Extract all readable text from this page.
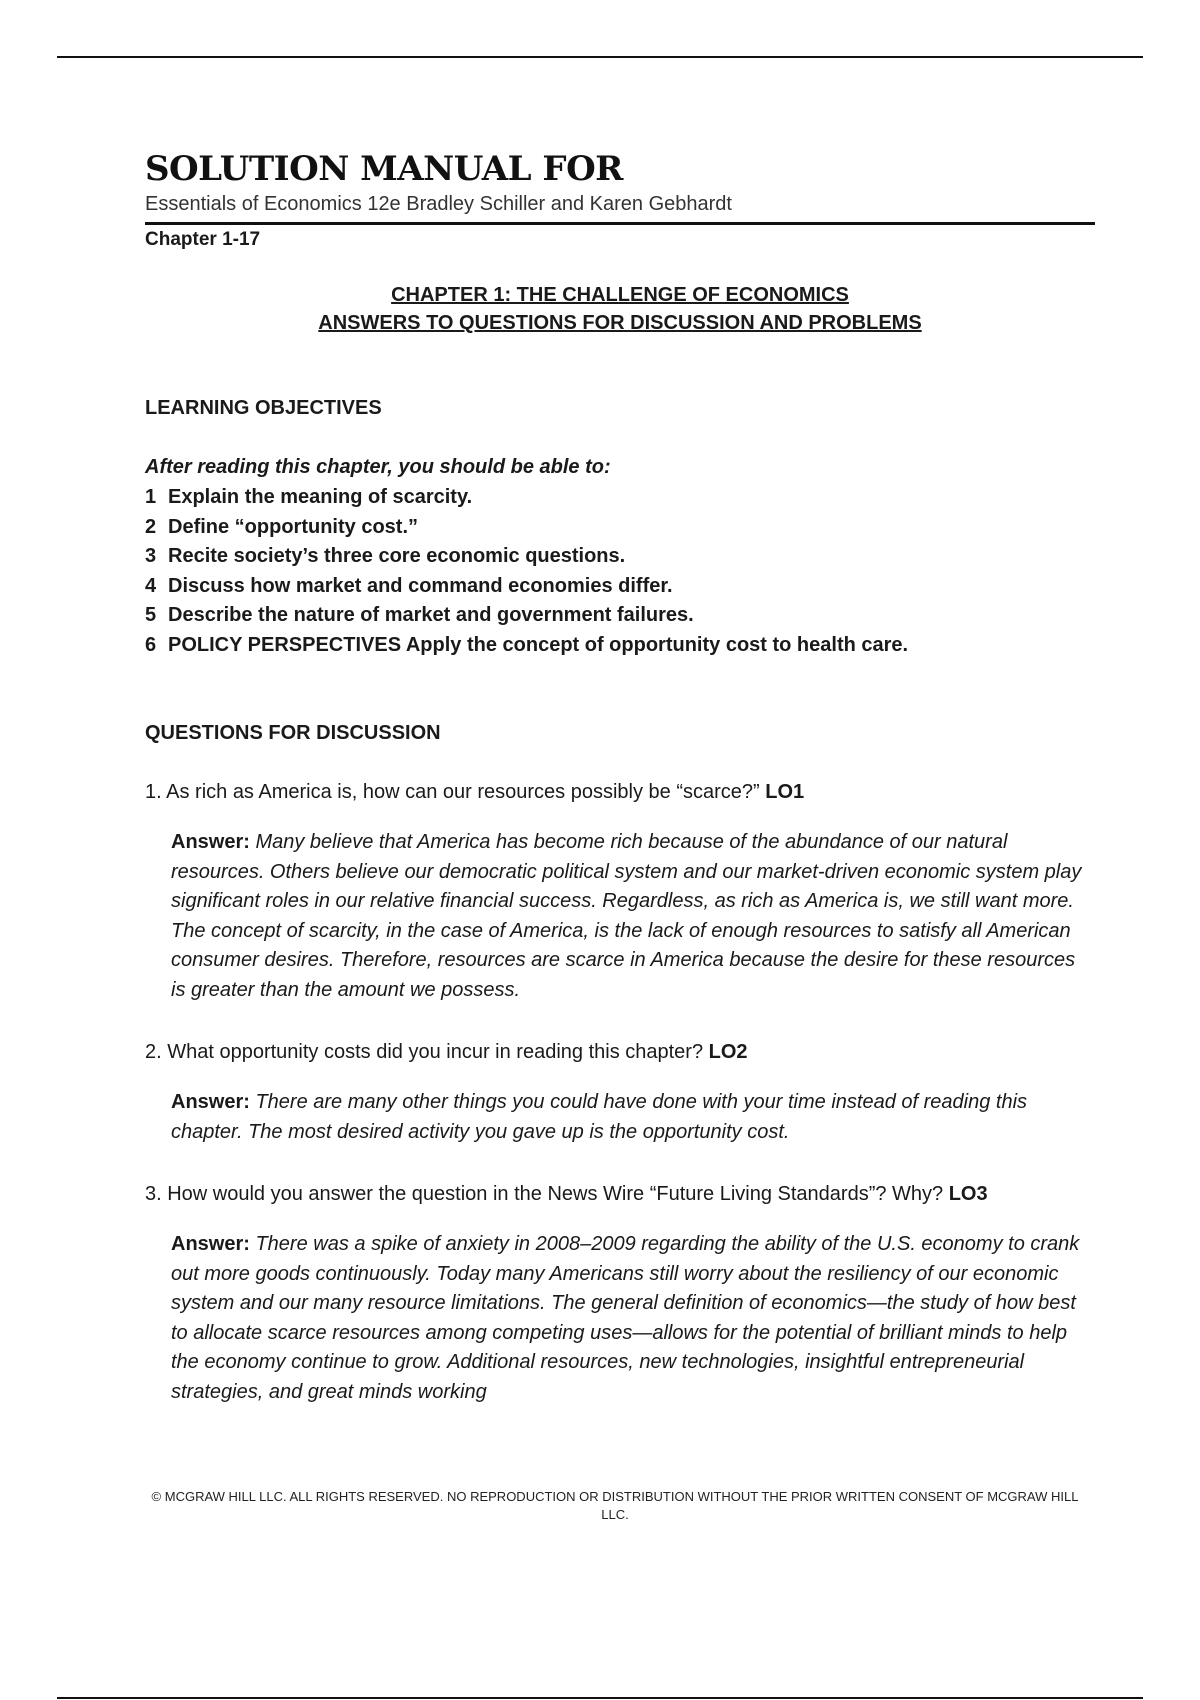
SOLUTION MANUAL FOR

Essentials of Economics 12e Bradley Schiller and Karen Gebhardt

Chapter 1-17
CHAPTER 1: THE CHALLENGE OF ECONOMICS
ANSWERS TO QUESTIONS FOR DISCUSSION AND PROBLEMS
LEARNING OBJECTIVES
After reading this chapter, you should be able to:
1 Explain the meaning of scarcity.
2 Define “opportunity cost.”
3 Recite society’s three core economic questions.
4 Discuss how market and command economies differ.
5 Describe the nature of market and government failures.
6 POLICY PERSPECTIVES Apply the concept of opportunity cost to health care.
QUESTIONS FOR DISCUSSION
1. As rich as America is, how can our resources possibly be “scarce?” LO1
Answer: Many believe that America has become rich because of the abundance of our natural resources. Others believe our democratic political system and our market-driven economic system play significant roles in our relative financial success. Regardless, as rich as America is, we still want more. The concept of scarcity, in the case of America, is the lack of enough resources to satisfy all American consumer desires. Therefore, resources are scarce in America because the desire for these resources is greater than the amount we possess.
2. What opportunity costs did you incur in reading this chapter? LO2
Answer: There are many other things you could have done with your time instead of reading this chapter. The most desired activity you gave up is the opportunity cost.
3. How would you answer the question in the News Wire “Future Living Standards”? Why? LO3
Answer: There was a spike of anxiety in 2008–2009 regarding the ability of the U.S. economy to crank out more goods continuously. Today many Americans still worry about the resiliency of our economic system and our many resource limitations. The general definition of economics—the study of how best to allocate scarce resources among competing uses—allows for the potential of brilliant minds to help the economy continue to grow. Additional resources, new technologies, insightful entrepreneurial strategies, and great minds working
© MCGRAW HILL LLC. ALL RIGHTS RESERVED. NO REPRODUCTION OR DISTRIBUTION WITHOUT THE PRIOR WRITTEN CONSENT OF MCGRAW HILL LLC.
